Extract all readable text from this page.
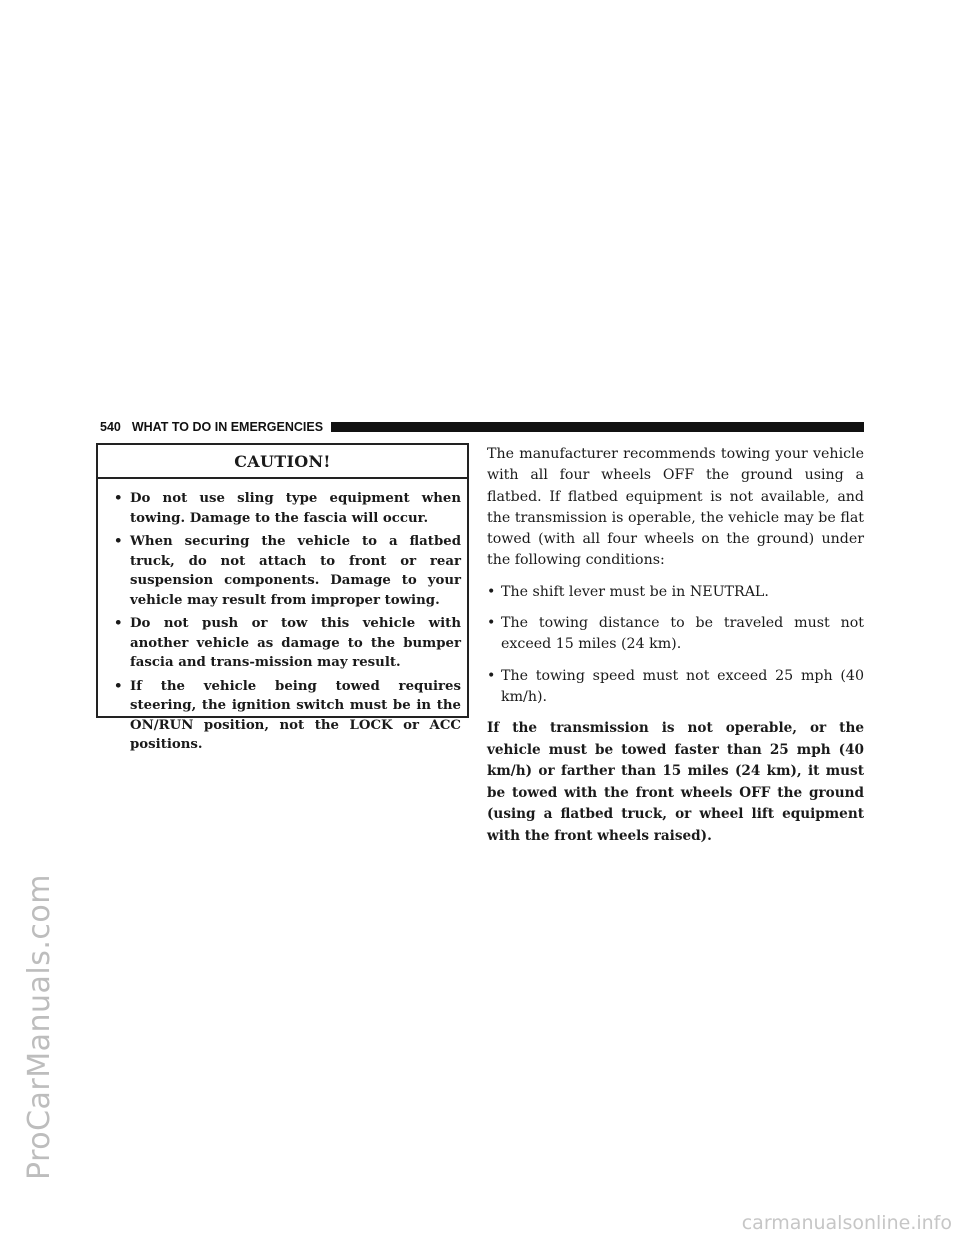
ProCarManuals.com
carmanualsonline.info
540 WHAT TO DO IN EMERGENCIES
CAUTION!
• Do not use sling type equipment when towing. Damage to the fascia will occur.
• When securing the vehicle to a flatbed truck, do not attach to front or rear suspension components. Damage to your vehicle may result from improper towing.
• Do not push or tow this vehicle with another vehicle as damage to the bumper fascia and trans-mission may result.
• If the vehicle being towed requires steering, the ignition switch must be in the ON/RUN position, not the LOCK or ACC positions.

The manufacturer recommends towing your vehicle with all four wheels OFF the ground using a flatbed. If flatbed equipment is not available, and the transmission is operable, the vehicle may be flat towed (with all four wheels on the ground) under the following conditions:

• The shift lever must be in NEUTRAL.
• The towing distance to be traveled must not exceed 15 miles (24 km).
• The towing speed must not exceed 25 mph (40 km/h).

If the transmission is not operable, or the vehicle must be towed faster than 25 mph (40 km/h) or farther than 15 miles (24 km), it must be towed with the front wheels OFF the ground (using a flatbed truck, or wheel lift equipment with the front wheels raised).
